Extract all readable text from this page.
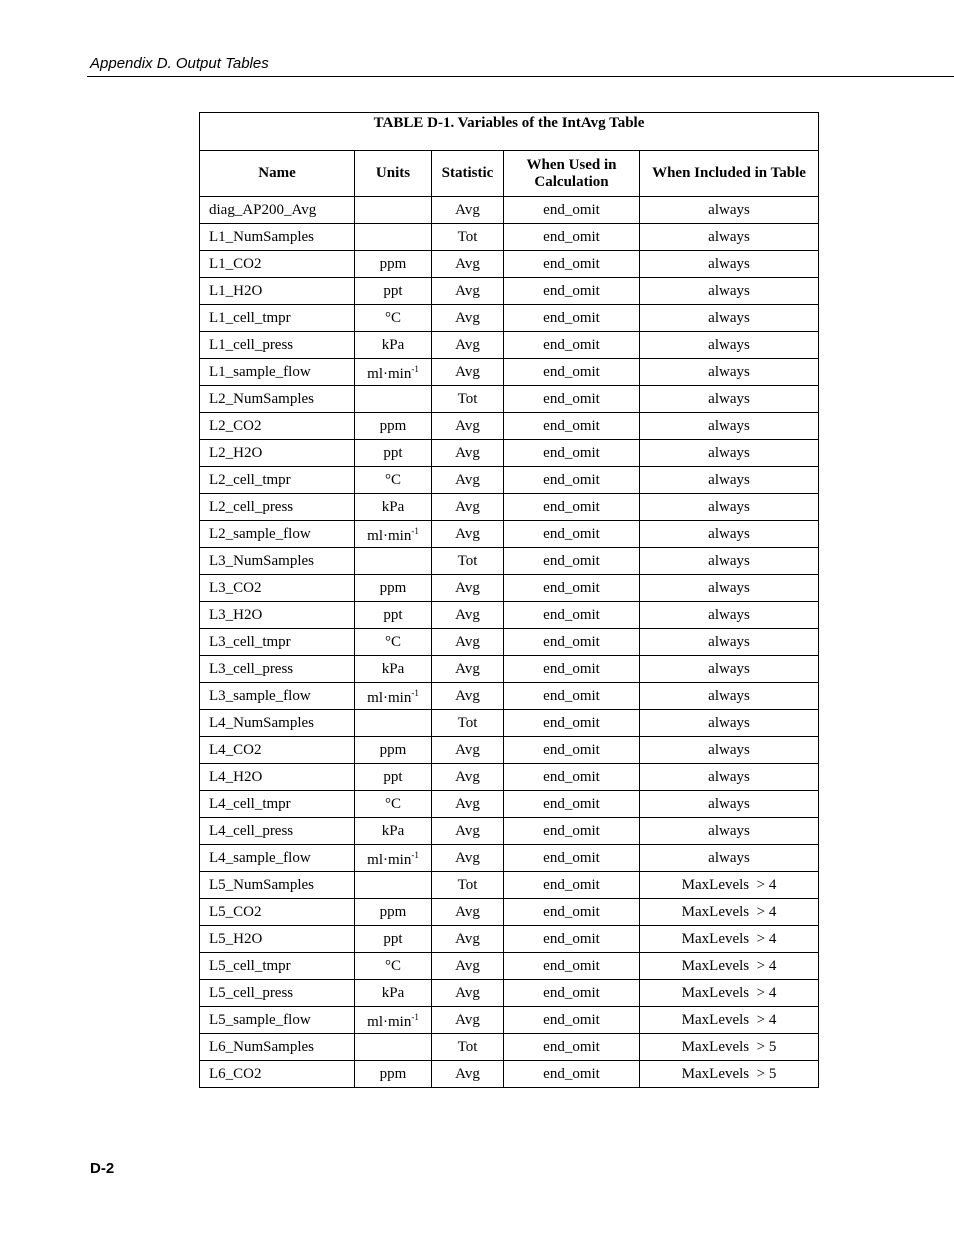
Appendix D. Output Tables
TABLE D-1. Variables of the IntAvg Table				
Name	Units	Statistic	When Used in Calculation	When Included in Table
diag_AP200_Avg		Avg	end_omit	always
L1_NumSamples		Tot	end_omit	always
L1_CO2	ppm	Avg	end_omit	always
L1_H2O	ppt	Avg	end_omit	always
L1_cell_tmpr	°C	Avg	end_omit	always
L1_cell_press	kPa	Avg	end_omit	always
L1_sample_flow	$ml\cdot\min^{-1}$	Avg	end_omit	always
L2_NumSamples		Tot	end_omit	always
L2_CO2	ppm	Avg	end_omit	always
L2_H2O	ppt	Avg	end_omit	always
L2_cell_tmpr	°C	Avg	end_omit	always
L2_cell_press	kPa	Avg	end_omit	always
L2_sample_flow	$ml\cdot\min^{-1}$	Avg	end_omit	always
L3_NumSamples		Tot	end_omit	always
L3_CO2	ppm	Avg	end_omit	always
L3_H2O	ppt	Avg	end_omit	always
L3_cell_tmpr	°C	Avg	end_omit	always
L3_cell_press	kPa	Avg	end_omit	always
L3_sample_flow	$ml\cdot\min^{-1}$	Avg	end_omit	always
L4_NumSamples		Tot	end_omit	always
L4_CO2	ppm	Avg	end_omit	always
L4_H2O	ppt	Avg	end_omit	always
L4_cell_tmpr	°C	Avg	end_omit	always
L4_cell_press	kPa	Avg	end_omit	always
L4_sample_flow	$ml\cdot\min^{-1}$	Avg	end_omit	always
L5_NumSamples		Tot	end_omit	MaxLevels  > 4
L5_CO2	ppm	Avg	end_omit	MaxLevels  > 4
L5_H2O	ppt	Avg	end_omit	MaxLevels  > 4
L5_cell_tmpr	°C	Avg	end_omit	MaxLevels  > 4
L5_cell_press	kPa	Avg	end_omit	MaxLevels  > 4
L5_sample_flow	$ml\cdot\min^{-1}$	Avg	end_omit	MaxLevels  > 4
L6_NumSamples		Tot	end_omit	MaxLevels  > 5
L6_CO2	ppm	Avg	end_omit	MaxLevels  > 5
D-2
